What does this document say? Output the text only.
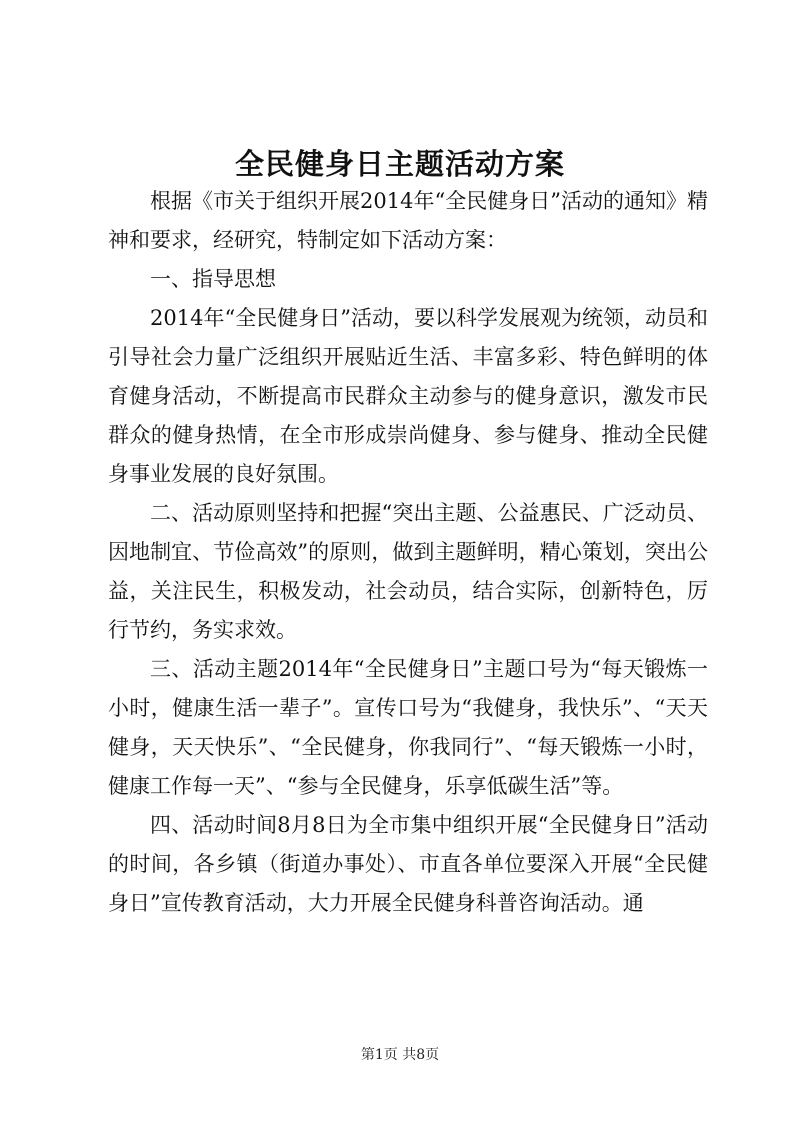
全民健身日主题活动方案

根据《市关于组织开展2014年“全民健身日”活动的通知》精神和要求，经研究，特制定如下活动方案：

一、指导思想

2014年“全民健身日”活动，要以科学发展观为统领，动员和引导社会力量广泛组织开展贴近生活、丰富多彩、特色鲜明的体育健身活动，不断提高市民群众主动参与的健身意识，激发市民群众的健身热情，在全市形成崇尚健身、参与健身、推动全民健身事业发展的良好氛围。

二、活动原则坚持和把握“突出主题、公益惠民、广泛动员、因地制宜、节俭高效”的原则，做到主题鲜明，精心策划，突出公益，关注民生，积极发动，社会动员，结合实际，创新特色，厉行节约，务实求效。

三、活动主题2014年“全民健身日”主题口号为“每天锻炼一小时，健康生活一辈子”。宣传口号为“我健身，我快乐”、“天天健身，天天快乐”、“全民健身，你我同行”、“每天锻炼一小时，健康工作每一天”、“参与全民健身，乐享低碳生活”等。

四、活动时间8月8日为全市集中组织开展“全民健身日”活动的时间，各乡镇（街道办事处）、市直各单位要深入开展“全民健身日”宣传教育活动，大力开展全民健身科普咨询活动。通

第1页 共8页
